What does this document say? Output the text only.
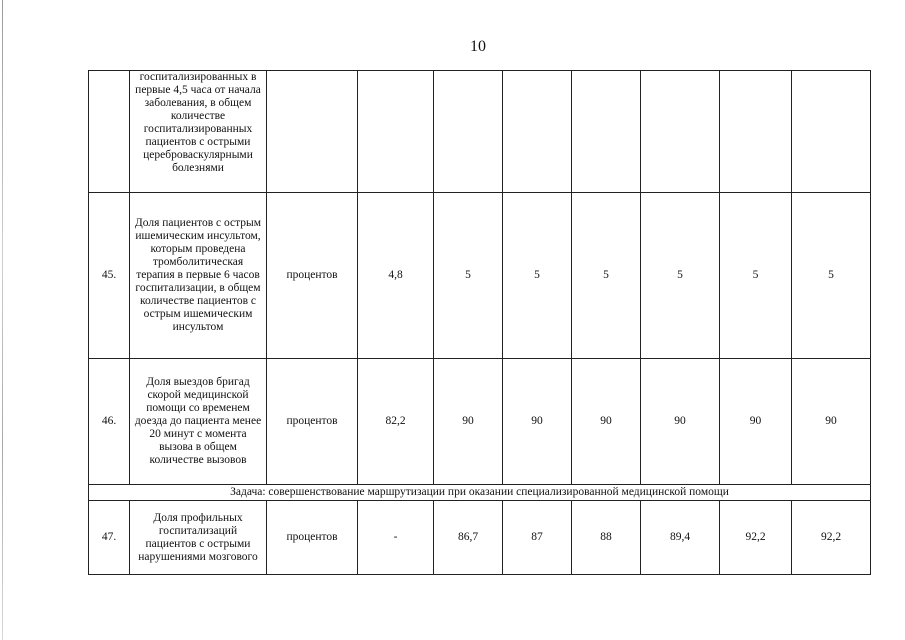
10
	госпитализированных в первые 4,5 часа от начала заболевания, в общем количестве госпитализированных пациентов с острыми цереброваскулярными болезнями								
45.	Доля пациентов с острым ишемическим инсультом, которым проведена тромболитическая терапия в первые 6 часов госпитализации, в общем количестве пациентов с острым ишемическим инсультом	процентов	4,8	5	5	5	5	5	5
46.	Доля выездов бригад скорой медицинской помощи со временем доезда до пациента менее 20 минут с момента вызова в общем количестве вызовов	процентов	82,2	90	90	90	90	90	90
Задача: совершенствование маршрутизации при оказании специализированной медицинской помощи									
47.	Доля профильных госпитализаций пациентов с острыми нарушениями мозгового	процентов	-	86,7	87	88	89,4	92,2	92,2
